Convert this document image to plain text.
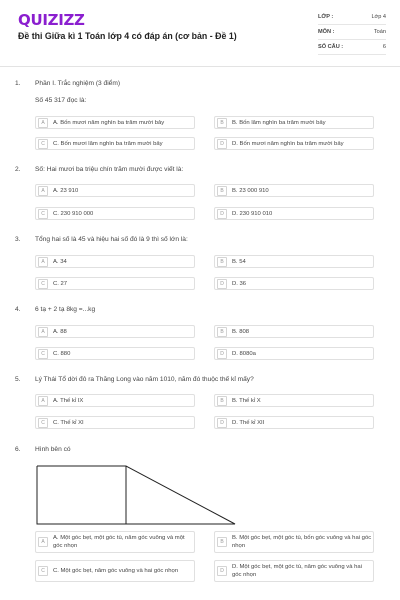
QUIZIZZ
Đề thi Giữa kì 1 Toán lớp 4 có đáp án (cơ bản - Đề 1)
LỚP :	Lớp 4
MÔN :	Toán
SỐ CÂU :	6
1. Phần I. Trắc nghiệm (3 điểm)
Số 45 317 đọc là:
A	A. Bốn mươi năm nghìn ba trăm mười bảy	B	B. Bốn lăm nghìn ba trăm mười bảy
C	C. Bốn mươi lăm nghìn ba trăm mười bảy	D	D. Bốn mươi năm nghìn ba trăm mười bảy
2. Số: Hai mươi ba triệu chín trăm mười được viết là:
A	A. 23 910	B	B. 23 000 910
C	C. 230 910 000	D	D. 230 910 010
3. Tổng hai số là 45 và hiệu hai số đó là 9 thì số lớn là:
A	A. 34	B	B. 54
C	C. 27	D	D. 36
4. 6 tạ + 2 tạ 8kg =...kg
A	A. 88	B	B. 808
C	C. 880	D	D. 8080a
5. Lý Thái Tổ dời đô ra Thăng Long vào năm 1010, năm đó thuộc thế kỉ mấy?
A	A. Thế kỉ IX	B	B. Thế kỉ X
C	C. Thế kỉ XI	D	D. Thế kỉ XII
6. Hình bên có
A
A. Một góc bẹt, một góc tù, năm góc vuông và một góc nhọn
B
B. Một góc bẹt, một góc tù, bốn góc vuông và hai góc nhọn
C	C. Một góc bẹt, năm góc vuông và hai góc nhọn	D
D. Một góc bẹt, một góc tù, năm góc vuông và hai góc nhọn
